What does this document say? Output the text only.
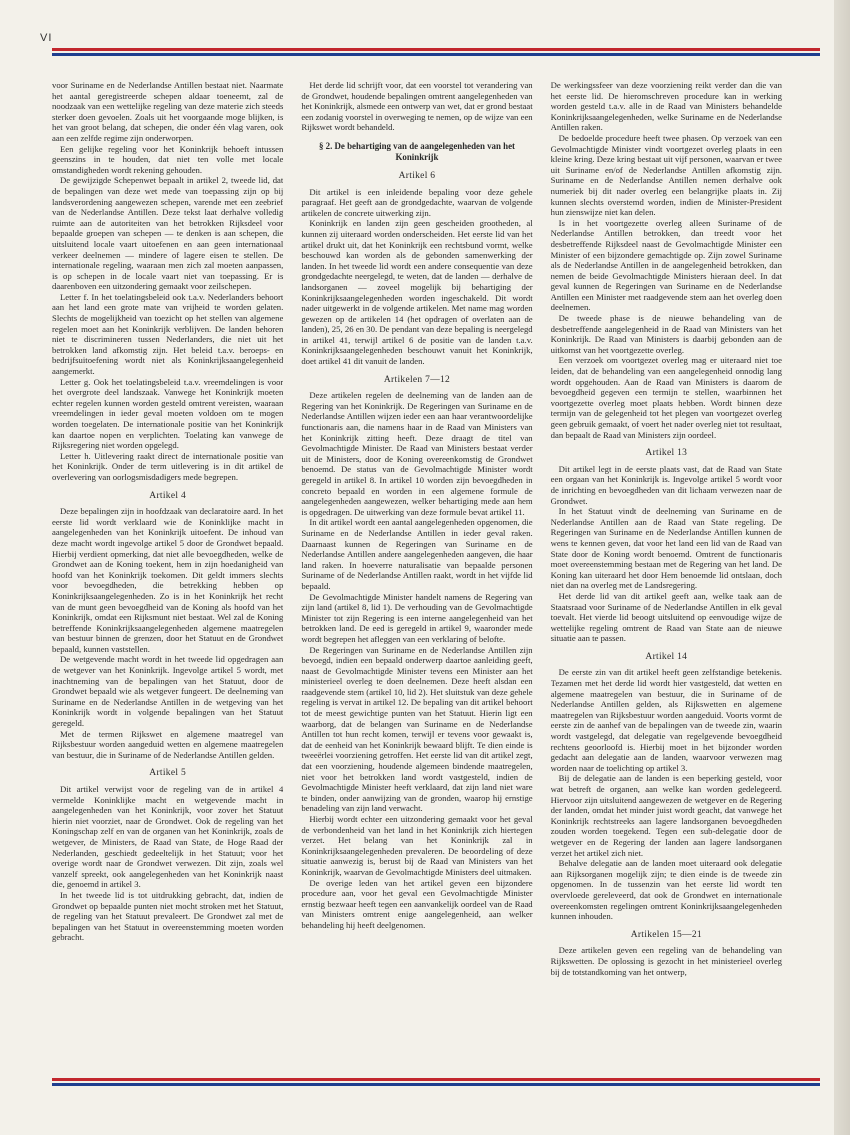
VI

voor Suriname en de Nederlandse Antillen bestaat niet. Naarmate het aantal geregistreerde schepen aldaar toeneemt, zal de noodzaak van een wettelijke regeling van deze materie zich steeds sterker doen gevoelen. Zoals uit het voorgaande moge blijken, is het van groot belang, dat schepen, die onder één vlag varen, ook aan een zelfde regime zijn onderworpen.

Een gelijke regeling voor het Koninkrijk behoeft intussen geenszins in te houden, dat niet ten volle met locale omstandigheden wordt rekening gehouden.

De gewijzigde Schepenwet bepaalt in artikel 2, tweede lid, dat de bepalingen van deze wet mede van toepassing zijn op bij landsverordening aangewezen schepen, varende met een zeebrief van de Nederlandse Antillen. Deze tekst laat derhalve volledig ruimte aan de autoriteiten van het betrokken Rijksdeel voor bepaalde groepen van schepen — te denken is aan schepen, die uitsluitend locale vaart uitoefenen en aan geen internationaal verkeer deelnemen — mindere of lagere eisen te stellen. De internationale regeling, waaraan men zich zal moeten aanpassen, is op schepen in de locale vaart niet van toepassing. Er is daarenboven een uitzondering gemaakt voor zeilschepen.

Letter f. In het toelatingsbeleid ook t.a.v. Nederlanders behoort aan het land een grote mate van vrijheid te worden gelaten. Slechts de mogelijkheid van toezicht op het stellen van algemene regelen moet aan het Koninkrijk verblijven. De landen behoren niet te discrimineren tussen Nederlanders, die niet uit het betrokken land afkomstig zijn. Het beleid t.a.v. beroeps- en bedrijfsuitoefening wordt niet als Koninkrijksaangelegenheid aangemerkt.

Letter g. Ook het toelatingsbeleid t.a.v. vreemdelingen is voor het overgrote deel landszaak. Vanwege het Koninkrijk moeten echter regelen kunnen worden gesteld omtrent vereisten, waaraan vreemdelingen in ieder geval moeten voldoen om te mogen worden toegelaten. De internationale positie van het Koninkrijk kan daartoe nopen en verplichten. Toelating kan vanwege de Rijksregering niet worden opgelegd.

Letter h. Uitlevering raakt direct de internationale positie van het Koninkrijk. Onder de term uitlevering is in dit artikel de overlevering van oorlogsmisdadigers mede begrepen.

Artikel 4

Deze bepalingen zijn in hoofdzaak van declaratoire aard. In het eerste lid wordt verklaard wie de Koninklijke macht in aangelegenheden van het Koninkrijk uitoefent. De inhoud van deze macht wordt ingevolge artikel 5 door de Grondwet bepaald. Hierbij verdient opmerking, dat niet alle bevoegdheden, welke de Grondwet aan de Koning toekent, hem in zijn hoedanigheid van hoofd van het Koninkrijk toekomen. Dit geldt immers slechts voor bevoegdheden, die betrekking hebben op Koninkrijksaangelegenheden. Zo is in het Koninkrijk het recht van de munt geen bevoegdheid van de Koning als hoofd van het Koninkrijk, omdat een Rijksmunt niet bestaat. Wel zal de Koning betreffende Koninkrijksaangelegenheden algemene maatregelen van bestuur binnen de grenzen, door het Statuut en de Grondwet bepaald, kunnen vaststellen.

De wetgevende macht wordt in het tweede lid opgedragen aan de wetgever van het Koninkrijk. Ingevolge artikel 5 wordt, met inachtneming van de bepalingen van het Statuut, door de Grondwet bepaald wie als wetgever fungeert. De deelneming van Suriname en de Nederlandse Antillen in de wetgeving van het Koninkrijk wordt in volgende bepalingen van het Statuut geregeld.

Met de termen Rijkswet en algemene maatregel van Rijksbestuur worden aangeduid wetten en algemene maatregelen van bestuur, die in Suriname of de Nederlandse Antillen gelden.

Artikel 5

Dit artikel verwijst voor de regeling van de in artikel 4 vermelde Koninklijke macht en wetgevende macht in aangelegenheden van het Koninkrijk, voor zover het Statuut hierin niet voorziet, naar de Grondwet. Ook de regeling van het Koningschap zelf en van de organen van het Koninkrijk, zoals de wetgever, de Ministers, de Raad van State, de Hoge Raad der Nederlanden, geschiedt gedeeltelijk in het Statuut; voor het overige wordt naar de Grondwet verwezen. Dit zijn, zoals wel vanzelf spreekt, ook aangelegenheden van het Koninkrijk naast die, genoemd in artikel 3.

In het tweede lid is tot uitdrukking gebracht, dat, indien de Grondwet op bepaalde punten niet mocht stroken met het Statuut, de regeling van het Statuut prevaleert. De Grondwet zal met de bepalingen van het Statuut in overeenstemming moeten worden gebracht.

Het derde lid schrijft voor, dat een voorstel tot verandering van de Grondwet, houdende bepalingen omtrent aangelegenheden van het Koninkrijk, alsmede een ontwerp van wet, dat er grond bestaat een zodanig voorstel in overweging te nemen, op de wijze van een Rijkswet wordt behandeld.

§ 2. De behartiging van de aangelegenheden van het Koninkrijk
Artikel 6

Dit artikel is een inleidende bepaling voor deze gehele paragraaf. Het geeft aan de grondgedachte, waarvan de volgende artikelen de concrete uitwerking zijn.

Koninkrijk en landen zijn geen gescheiden grootheden, al kunnen zij uiteraard worden onderscheiden. Het eerste lid van het artikel drukt uit, dat het Koninkrijk een rechtsbund vormt, welke beschouwd kan worden als de gebonden samenwerking der landen. In het tweede lid wordt een andere consequentie van deze grondgedachte neergelegd, te weten, dat de landen — derhalve de landsorganen — zoveel mogelijk bij behartiging der Koninkrijksaangelegenheden worden ingeschakeld. Dit wordt nader uitgewerkt in de volgende artikelen. Met name mag worden gewezen op de artikelen 14 (het opdragen of overlaten aan de landen), 25, 26 en 30. De pendant van deze bepaling is neergelegd in artikel 41, terwijl artikel 6 de positie van de landen t.a.v. Koninkrijksaangelegenheden beschouwt vanuit het Koninkrijk, doet artikel 41 dit vanuit de landen.

Artikelen 7—12

Deze artikelen regelen de deelneming van de landen aan de Regering van het Koninkrijk. De Regeringen van Suriname en de Nederlandse Antillen wijzen ieder een aan haar verantwoordelijke functionaris aan, die namens haar in de Raad van Ministers van het Koninkrijk zitting heeft. Deze draagt de titel van Gevolmachtigde Minister. De Raad van Ministers bestaat verder uit de Ministers, door de Koning overeenkomstig de Grondwet benoemd. De status van de Gevolmachtigde Minister wordt geregeld in artikel 8. In artikel 10 worden zijn bevoegdheden in concreto bepaald en worden in een algemene formule de aangelegenheden aangewezen, welker behartiging mede aan hem is opgedragen. De uitwerking van deze formule bevat artikel 11.

In dit artikel wordt een aantal aangelegenheden opgenomen, die Suriname en de Nederlandse Antillen in ieder geval raken. Daarnaast kunnen de Regeringen van Suriname en de Nederlandse Antillen andere aangelegenheden aangeven, die haar land raken. In hoeverre naturalisatie van bepaalde personen Suriname of de Nederlandse Antillen raakt, wordt in het vijfde lid bepaald.

De Gevolmachtigde Minister handelt namens de Regering van zijn land (artikel 8, lid 1). De verhouding van de Gevolmachtigde Minister tot zijn Regering is een interne aangelegenheid van het betrokken land. De eed is geregeld in artikel 9, waaronder mede wordt begrepen het afleggen van een verklaring of belofte.

De Regeringen van Suriname en de Nederlandse Antillen zijn bevoegd, indien een bepaald onderwerp daartoe aanleiding geeft, naast de Gevolmachtigde Minister tevens een Minister aan het ministerieel overleg te doen deelnemen. Deze heeft alsdan een raadgevende stem (artikel 10, lid 2). Het sluitstuk van deze gehele regeling is vervat in artikel 12. De bepaling van dit artikel behoort tot de meest gewichtige punten van het Statuut. Hierin ligt een waarborg, dat de belangen van Suriname en de Nederlandse Antillen tot hun recht komen, terwijl er tevens voor gewaakt is, dat de eenheid van het Koninkrijk bewaard blijft. Te dien einde is tweeërlei voorziening getroffen. Het eerste lid van dit artikel zegt, dat een voorziening, houdende algemeen bindende maatregelen, niet voor het betrokken land wordt vastgesteld, indien de Gevolmachtigde Minister heeft verklaard, dat zijn land niet ware te binden, onder aanwijzing van de gronden, waarop hij ernstige benadeling van zijn land verwacht.

Hierbij wordt echter een uitzondering gemaakt voor het geval de verbondenheid van het land in het Koninkrijk zich hiertegen verzet. Het belang van het Koninkrijk zal in Koninkrijksaangelegenheden prevaleren. De beoordeling of deze situatie aanwezig is, berust bij de Raad van Ministers van het Koninkrijk, waarvan de Gevolmachtigde Ministers deel uitmaken.

De overige leden van het artikel geven een bijzondere procedure aan, voor het geval een Gevolmachtigde Minister ernstig bezwaar heeft tegen een aanvankelijk oordeel van de Raad van Ministers omtrent enige aangelegenheid, aan welker behandeling hij heeft deelgenomen.

De werkingssfeer van deze voorziening reikt verder dan die van het eerste lid. De hieromschreven procedure kan in werking worden gesteld t.a.v. alle in de Raad van Ministers behandelde Koninkrijksaangelegenheden, welke Suriname en de Nederlandse Antillen raken.

De bedoelde procedure heeft twee phasen. Op verzoek van een Gevolmachtigde Minister vindt voortgezet overleg plaats in een kleine kring. Deze kring bestaat uit vijf personen, waarvan er twee uit Suriname en/of de Nederlandse Antillen afkomstig zijn. Suriname en de Nederlandse Antillen nemen derhalve ook numeriek bij dit nader overleg een belangrijke plaats in. Zij kunnen slechts overstemd worden, indien de Minister-President hun zienswijze niet kan delen.

Is in het voortgezette overleg alleen Suriname of de Nederlandse Antillen betrokken, dan treedt voor het desbetreffende Rijksdeel naast de Gevolmachtigde Minister een Minister of een bijzondere gemachtigde op. Zijn zowel Suriname als de Nederlandse Antillen in de aangelegenheid betrokken, dan nemen de beide Gevolmachtigde Ministers hieraan deel. In dat geval kunnen de Regeringen van Suriname en de Nederlandse Antillen een Minister met raadgevende stem aan het overleg doen deelnemen.

De tweede phase is de nieuwe behandeling van de desbetreffende aangelegenheid in de Raad van Ministers van het Koninkrijk. De Raad van Ministers is daarbij gebonden aan de uitkomst van het voortgezette overleg.

Een verzoek om voortgezet overleg mag er uiteraard niet toe leiden, dat de behandeling van een aangelegenheid onnodig lang wordt opgehouden. Aan de Raad van Ministers is daarom de bevoegdheid gegeven een termijn te stellen, waarbinnen het voortgezette overleg moet plaats hebben. Wordt binnen deze termijn van de gelegenheid tot het plegen van voortgezet overleg geen gebruik gemaakt, of voert het nader overleg niet tot resultaat, dan bepaalt de Raad van Ministers zijn oordeel.

Artikel 13

Dit artikel legt in de eerste plaats vast, dat de Raad van State een orgaan van het Koninkrijk is. Ingevolge artikel 5 wordt voor de inrichting en bevoegdheden van dit lichaam verwezen naar de Grondwet.

In het Statuut vindt de deelneming van Suriname en de Nederlandse Antillen aan de Raad van State regeling. De Regeringen van Suriname en de Nederlandse Antillen kunnen de wens te kennen geven, dat voor het land een lid van de Raad van State door de Koning wordt benoemd. Omtrent de functionaris moet overeenstemming bestaan met de Regering van het land. De Koning kan uiteraard het door Hem benoemde lid ontslaan, doch niet dan na overleg met de Landsregering.

Het derde lid van dit artikel geeft aan, welke taak aan de Staatsraad voor Suriname of de Nederlandse Antillen in elk geval toevalt. Het vierde lid beoogt uitsluitend op eenvoudige wijze de wettelijke regeling omtrent de Raad van State aan de nieuwe situatie aan te passen.

Artikel 14

De eerste zin van dit artikel heeft geen zelfstandige betekenis. Tezamen met het derde lid wordt hier vastgesteld, dat wetten en algemene maatregelen van bestuur, die in Suriname of de Nederlandse Antillen gelden, als Rijkswetten en algemene maatregelen van Rijksbestuur worden aangeduid. Voorts vormt de eerste zin de aanhef van de bepalingen van de tweede zin, waarin wordt vastgelegd, dat delegatie van regelgevende bevoegdheid rechtens geoorloofd is. Hierbij moet in het bijzonder worden gedacht aan delegatie aan de landen, waarvoor verwezen mag worden naar de toelichting op artikel 3.

Bij de delegatie aan de landen is een beperking gesteld, voor wat betreft de organen, aan welke kan worden gedelegeerd. Hiervoor zijn uitsluitend aangewezen de wetgever en de Regering der landen, omdat het minder juist wordt geacht, dat vanwege het Koninkrijk rechtstreeks aan lagere landsorganen bevoegdheden zouden worden toegekend. Tegen een sub-delegatie door de wetgever en de Regering der landen aan lagere landsorganen verzet het artikel zich niet.

Behalve delegatie aan de landen moet uiteraard ook delegatie aan Rijksorganen mogelijk zijn; te dien einde is de tweede zin opgenomen. In de tussenzin van het eerste lid wordt ten overvloede gereleveerd, dat ook de Grondwet en internationale overeenkomsten regelingen omtrent Koninkrijksaangelegenheden kunnen inhouden.

Artikelen 15—21

Deze artikelen geven een regeling van de behandeling van Rijkswetten. De oplossing is gezocht in het ministerieel overleg bij de totstandkoming van het ontwerp,
